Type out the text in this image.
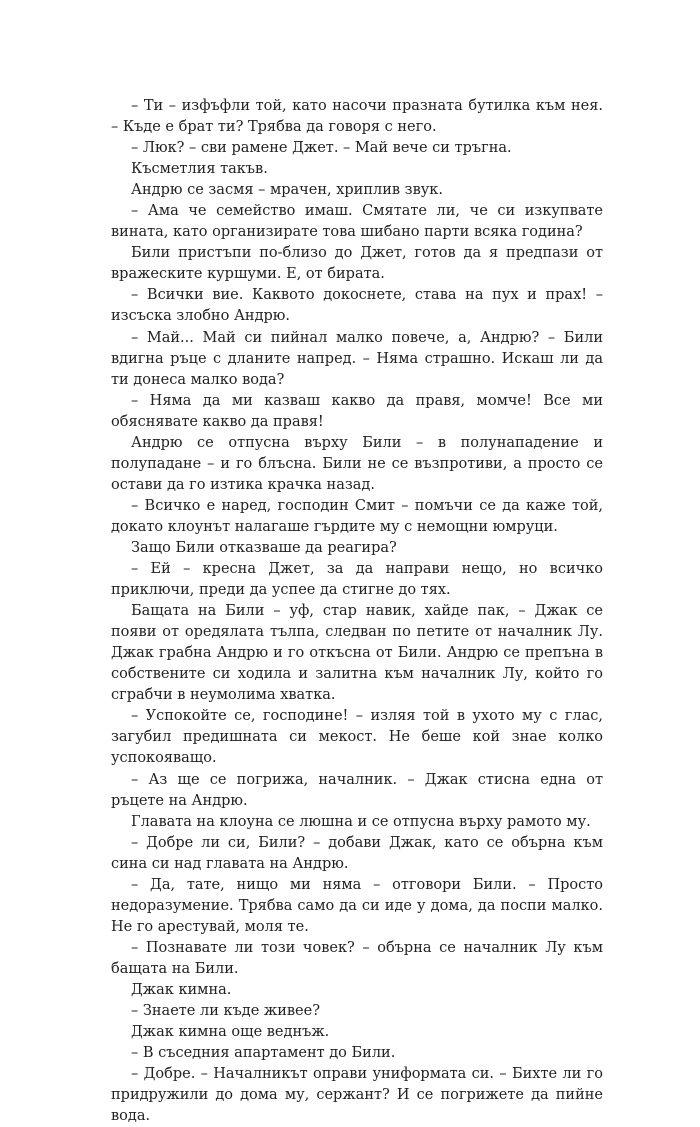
– Ти – изфъфли той, като насочи празната бутилка към нея. – Къде е брат ти? Трябва да говоря с него.

– Люк? – сви рамене Джет. – Май вече си тръгна.

Късметлия такъв.

Андрю се засмя – мрачен, хриплив звук.

– Ама че семейство имаш. Смятате ли, че си изкупвате вината, като организирате това шибано парти всяка година?

Били пристъпи по-близо до Джет, готов да я предпази от вражеските куршуми. Е, от бирата.

– Всички вие. Каквото докоснете, става на пух и прах! – изсъска злобно Андрю.

– Май... Май си пийнал малко повече, а, Андрю? – Били вдигна ръце с дланите напред. – Няма страшно. Искаш ли да ти донеса малко вода?

– Няма да ми казваш какво да правя, момче! Все ми обяснявате какво да правя!

Андрю се отпусна върху Били – в полунападение и полупадане – и го блъсна. Били не се възпротиви, а просто се остави да го изтика крачка назад.

– Всичко е наред, господин Смит – помъчи се да каже той, докато клоунът налагаше гърдите му с немощни юмруци.

Защо Били отказваше да реагира?

– Ей – кресна Джет, за да направи нещо, но всичко приключи, преди да успее да стигне до тях.

Бащата на Били – уф, стар навик, хайде пак, – Джак се появи от оредялата тълпа, следван по петите от началник Лу. Джак грабна Андрю и го откъсна от Били. Андрю се препъна в собствените си ходила и залитна към началник Лу, който го сграбчи в неумолима хватка.

– Успокойте се, господине! – изляя той в ухото му с глас, загубил предишната си мекост. Не беше кой знае колко успокояващо.

– Аз ще се погрижа, началник. – Джак стисна една от ръцете на Андрю.

Главата на клоуна се люшна и се отпусна върху рамото му.

– Добре ли си, Били? – добави Джак, като се обърна към сина си над главата на Андрю.

– Да, тате, нищо ми няма – отговори Били. – Просто недоразумение. Трябва само да си иде у дома, да поспи малко. Не го арестувай, моля те.

– Познавате ли този човек? – обърна се началник Лу към бащата на Били.

Джак кимна.

– Знаете ли къде живее?

Джак кимна още веднъж.

– В съседния апартамент до Били.

– Добре. – Началникът оправи униформата си. – Бихте ли го придружили до дома му, сержант? И се погрижете да пийне вода.
